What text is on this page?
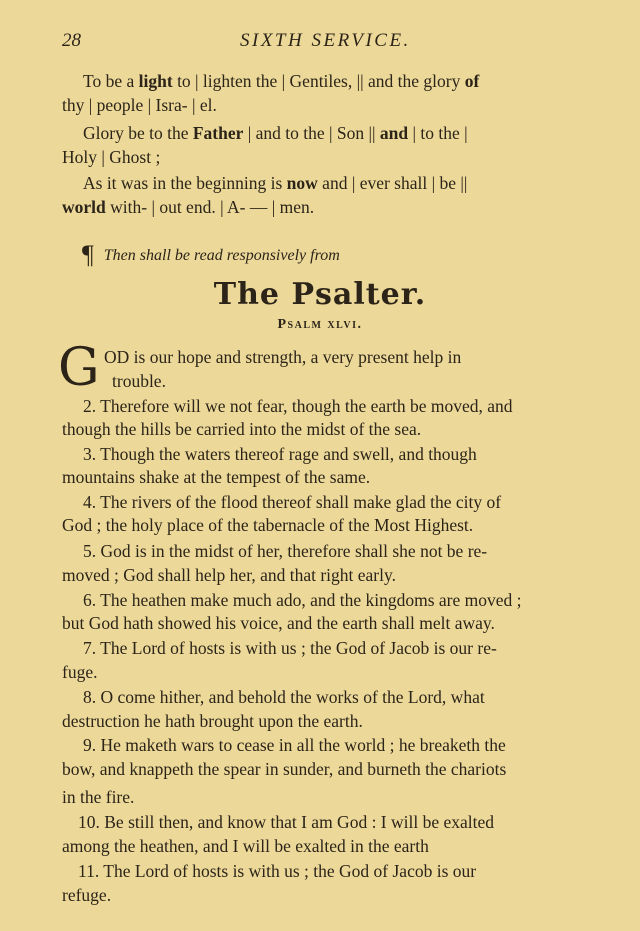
28	SIXTH SERVICE.
To be a light to | lighten the | Gentiles, || and the glory of
thy | people | Isra- | el.
Glory be to the Father | and to the | Son || and | to the |
Holy | Ghost ;
As it was in the beginning is now and | ever shall | be ||
world with- | out end. | A- — | men.
¶ Then shall be read responsively from
The Psalter.
Psalm xlvi.
G OD is our hope and strength, a very present help in
trouble.
2. Therefore will we not fear, though the earth be moved, and
though the hills be carried into the midst of the sea.
3. Though the waters thereof rage and swell, and though
mountains shake at the tempest of the same.
4. The rivers of the flood thereof shall make glad the city of
God ; the holy place of the tabernacle of the Most Highest.
5. God is in the midst of her, therefore shall she not be re-
moved ; God shall help her, and that right early.
6. The heathen make much ado, and the kingdoms are moved ;
but God hath showed his voice, and the earth shall melt away.
7. The Lord of hosts is with us ; the God of Jacob is our re-
fuge.
8. O come hither, and behold the works of the Lord, what
destruction he hath brought upon the earth.
9. He maketh wars to cease in all the world ; he breaketh the
bow, and knappeth the spear in sunder, and burneth the chariots
in the fire.
10. Be still then, and know that I am God : I will be exalted
among the heathen, and I will be exalted in the earth
11. The Lord of hosts is with us ; the God of Jacob is our
refuge.
